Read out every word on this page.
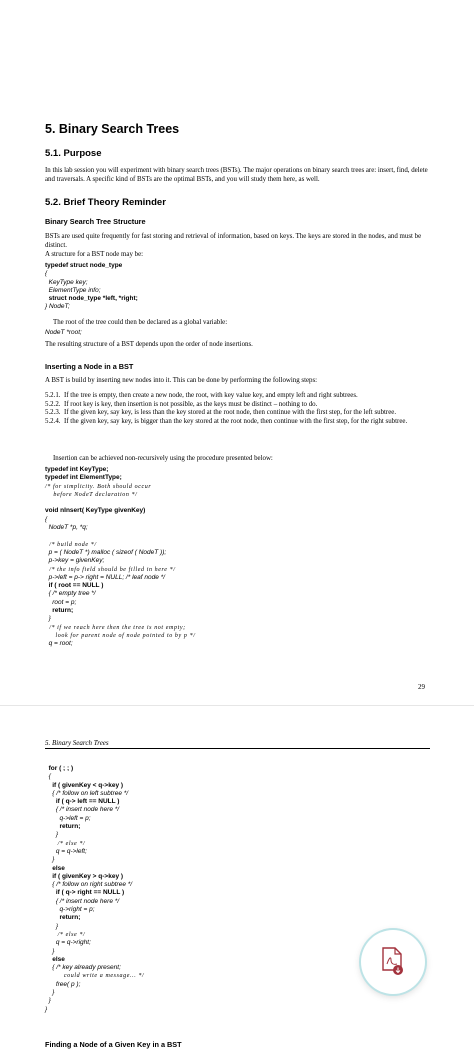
5. Binary Search Trees
5.1. Purpose
In this lab session you will experiment with binary search trees (BSTs). The major operations on binary search trees are: insert, find, delete and traversals. A specific kind of BSTs are the optimal BSTs, and you will study them here, as well.
5.2. Brief Theory Reminder
Binary Search Tree Structure
BSTs are used quite frequently for fast storing and retrieval of information, based on keys. The keys are stored in the nodes, and must be distinct.
A structure for a BST node may be:
typedef struct node_type
{
KeyType key;
ElementType info;
struct node_type *left, *right;
} NodeT;
The root of the tree could then be declared as a global variable:
NodeT *root;
The resulting structure of a BST depends upon the order of node insertions.
Inserting a Node in a BST
A BST is build by inserting new nodes into it. This can be done by performing the following steps:
5.2.1. If the tree is empty, then create a new node, the root, with key value key, and empty left and right subtrees.
5.2.2. If root key is key, then insertion is not possible, as the keys must be distinct – nothing to do.
5.2.3. If the given key, say key, is less than the key stored at the root node, then continue with the first step, for the left subtree.
5.2.4. If the given key, say key, is bigger than the key stored at the root node, then continue with the first step, for the right subtree.
Insertion can be achieved non-recursively using the procedure presented below:
typedef int KeyType;
typedef int ElementType;
/* for simplicity. Both should occur
before NodeT declaration */

void nInsert( KeyType givenKey)
{
NodeT *p, *q;

/* build node */
p = ( NodeT *) malloc ( sizeof ( NodeT ));
p->key = givenKey;
/* the info field should be filled in here */
p->left = p-> right = NULL; /* leaf node */
if ( root == NULL )
{ /* empty tree */
root = p;
return;
}
/* if we reach here then the tree is not empty;
look for parent node of node pointed to by p */
q = root;
29
5. Binary Search Trees
for ( ; ; )
{
if ( givenKey < q->key )
{ /* follow on left subtree */
if ( q-> left == NULL )
{ /* insert node here */
q->left = p;
return;
}
/* else */
q = q->left;
}
else
if ( givenKey > q->key )
{ /* follow on right subtree */
if ( q-> right == NULL )
{ /* insert node here */
q->right = p;
return;
}
/* else */
q = q->right;
}
else
{ /* key already present;
could write a message... */
free( p );
}
}
}
Finding a Node of a Given Key in a BST
